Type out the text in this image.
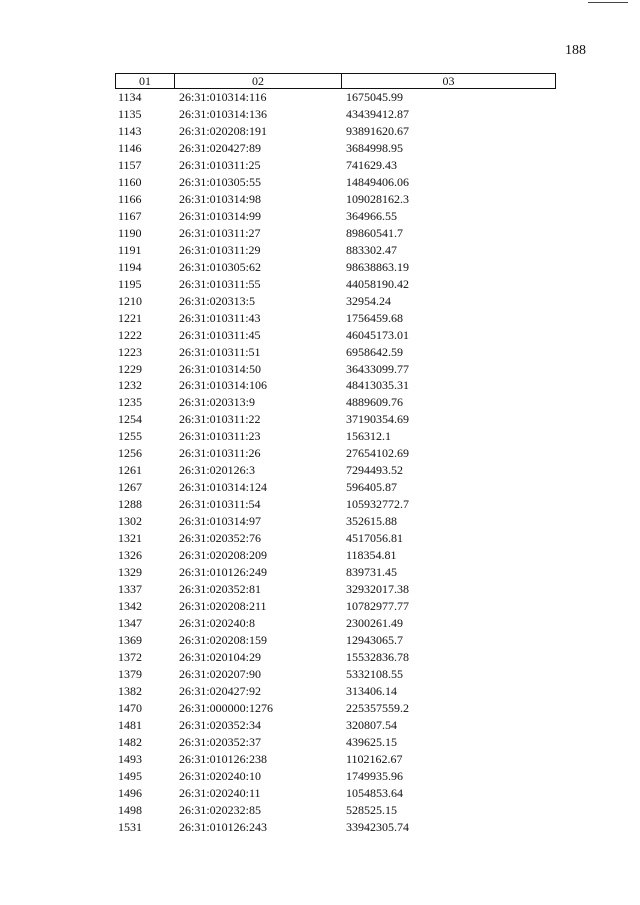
188
01	02	03
1134	26:31:010314:116	1675045.99
1135	26:31:010314:136	43439412.87
1143	26:31:020208:191	93891620.67
1146	26:31:020427:89	3684998.95
1157	26:31:010311:25	741629.43
1160	26:31:010305:55	14849406.06
1166	26:31:010314:98	109028162.3
1167	26:31:010314:99	364966.55
1190	26:31:010311:27	89860541.7
1191	26:31:010311:29	883302.47
1194	26:31:010305:62	98638863.19
1195	26:31:010311:55	44058190.42
1210	26:31:020313:5	32954.24
1221	26:31:010311:43	1756459.68
1222	26:31:010311:45	46045173.01
1223	26:31:010311:51	6958642.59
1229	26:31:010314:50	36433099.77
1232	26:31:010314:106	48413035.31
1235	26:31:020313:9	4889609.76
1254	26:31:010311:22	37190354.69
1255	26:31:010311:23	156312.1
1256	26:31:010311:26	27654102.69
1261	26:31:020126:3	7294493.52
1267	26:31:010314:124	596405.87
1288	26:31:010311:54	105932772.7
1302	26:31:010314:97	352615.88
1321	26:31:020352:76	4517056.81
1326	26:31:020208:209	118354.81
1329	26:31:010126:249	839731.45
1337	26:31:020352:81	32932017.38
1342	26:31:020208:211	10782977.77
1347	26:31:020240:8	2300261.49
1369	26:31:020208:159	12943065.7
1372	26:31:020104:29	15532836.78
1379	26:31:020207:90	5332108.55
1382	26:31:020427:92	313406.14
1470	26:31:000000:1276	225357559.2
1481	26:31:020352:34	320807.54
1482	26:31:020352:37	439625.15
1493	26:31:010126:238	1102162.67
1495	26:31:020240:10	1749935.96
1496	26:31:020240:11	1054853.64
1498	26:31:020232:85	528525.15
1531	26:31:010126:243	33942305.74
